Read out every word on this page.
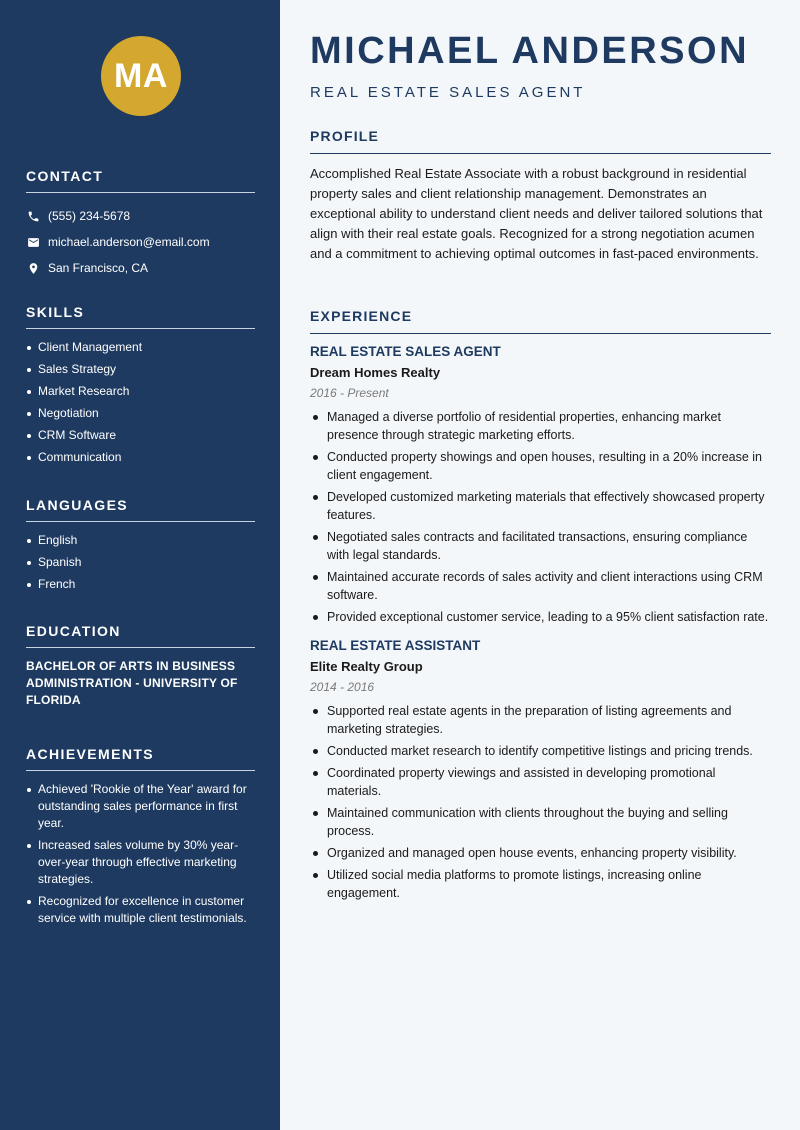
MA
CONTACT
(555) 234-5678
michael.anderson@email.com
San Francisco, CA
SKILLS
Client Management
Sales Strategy
Market Research
Negotiation
CRM Software
Communication
LANGUAGES
English
Spanish
French
EDUCATION
BACHELOR OF ARTS IN BUSINESS ADMINISTRATION - UNIVERSITY OF FLORIDA
ACHIEVEMENTS
Achieved 'Rookie of the Year' award for outstanding sales performance in first year.
Increased sales volume by 30% year-over-year through effective marketing strategies.
Recognized for excellence in customer service with multiple client testimonials.
MICHAEL ANDERSON
REAL ESTATE SALES AGENT
PROFILE

Accomplished Real Estate Associate with a robust background in residential property sales and client relationship management. Demonstrates an exceptional ability to understand client needs and deliver tailored solutions that align with their real estate goals. Recognized for a strong negotiation acumen and a commitment to achieving optimal outcomes in fast-paced environments.

EXPERIENCE

REAL ESTATE SALES AGENT

Dream Homes Realty

2016 - Present

Managed a diverse portfolio of residential properties, enhancing market presence through strategic marketing efforts.
Conducted property showings and open houses, resulting in a 20% increase in client engagement.
Developed customized marketing materials that effectively showcased property features.
Negotiated sales contracts and facilitated transactions, ensuring compliance with legal standards.
Maintained accurate records of sales activity and client interactions using CRM software.
Provided exceptional customer service, leading to a 95% client satisfaction rate.

REAL ESTATE ASSISTANT

Elite Realty Group

2014 - 2016

Supported real estate agents in the preparation of listing agreements and marketing strategies.
Conducted market research to identify competitive listings and pricing trends.
Coordinated property viewings and assisted in developing promotional materials.
Maintained communication with clients throughout the buying and selling process.
Organized and managed open house events, enhancing property visibility.
Utilized social media platforms to promote listings, increasing online engagement.
